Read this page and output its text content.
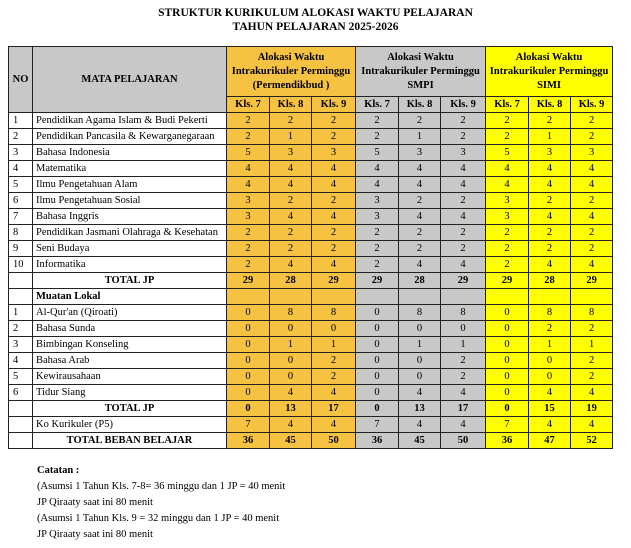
STRUKTUR KURIKULUM ALOKASI WAKTU PELAJARAN
TAHUN PELAJARAN 2025-2026
NO	MATA PELAJARAN	Alokasi Waktu Intrakurikuler Perminggu (Permendikbud )			Alokasi Waktu Intrakurikuler Perminggu SMPI			Alokasi Waktu Intrakurikuler Perminggu SIMI		
		Kls. 7	Kls. 8	Kls. 9	Kls. 7	Kls. 8	Kls. 9	Kls. 7	Kls. 8	Kls. 9
1	Pendidikan Agama Islam & Budi Pekerti	2	2	2	2	2	2	2	2	2
2	Pendidikan Pancasila & Kewarganegaraan	2	1	2	2	1	2	2	1	2
3	Bahasa Indonesia	5	3	3	5	3	3	5	3	3
4	Matematika	4	4	4	4	4	4	4	4	4
5	Ilmu Pengetahuan Alam	4	4	4	4	4	4	4	4	4
6	Ilmu Pengetahuan Sosial	3	2	2	3	2	2	3	2	2
7	Bahasa Inggris	3	4	4	3	4	4	3	4	4
8	Pendidikan Jasmani Olahraga & Kesehatan	2	2	2	2	2	2	2	2	2
9	Seni Budaya	2	2	2	2	2	2	2	2	2
10	Informatika	2	4	4	2	4	4	2	4	4
	TOTAL JP	29	28	29	29	28	29	29	28	29
	Muatan Lokal									
1	Al-Qur'an (Qiroati)	0	8	8	0	8	8	0	8	8
2	Bahasa Sunda	0	0	0	0	0	0	0	2	2
3	Bimbingan Konseling	0	1	1	0	1	1	0	1	1
4	Bahasa Arab	0	0	2	0	0	2	0	0	2
5	Kewirausahaan	0	0	2	0	0	2	0	0	2
6	Tidur Siang	0	4	4	0	4	4	0	4	4
	TOTAL JP	0	13	17	0	13	17	0	15	19
	Ko Kurikuler (P5)	7	4	4	7	4	4	7	4	4
	TOTAL BEBAN BELAJAR	36	45	50	36	45	50	36	47	52
Catatan :
(Asumsi 1 Tahun Kls. 7-8= 36 minggu dan 1 JP = 40 menit
JP Qiraaty saat ini 80 menit
(Asumsi 1 Tahun Kls. 9 = 32 minggu dan 1 JP = 40 menit
JP Qiraaty saat ini 80 menit
